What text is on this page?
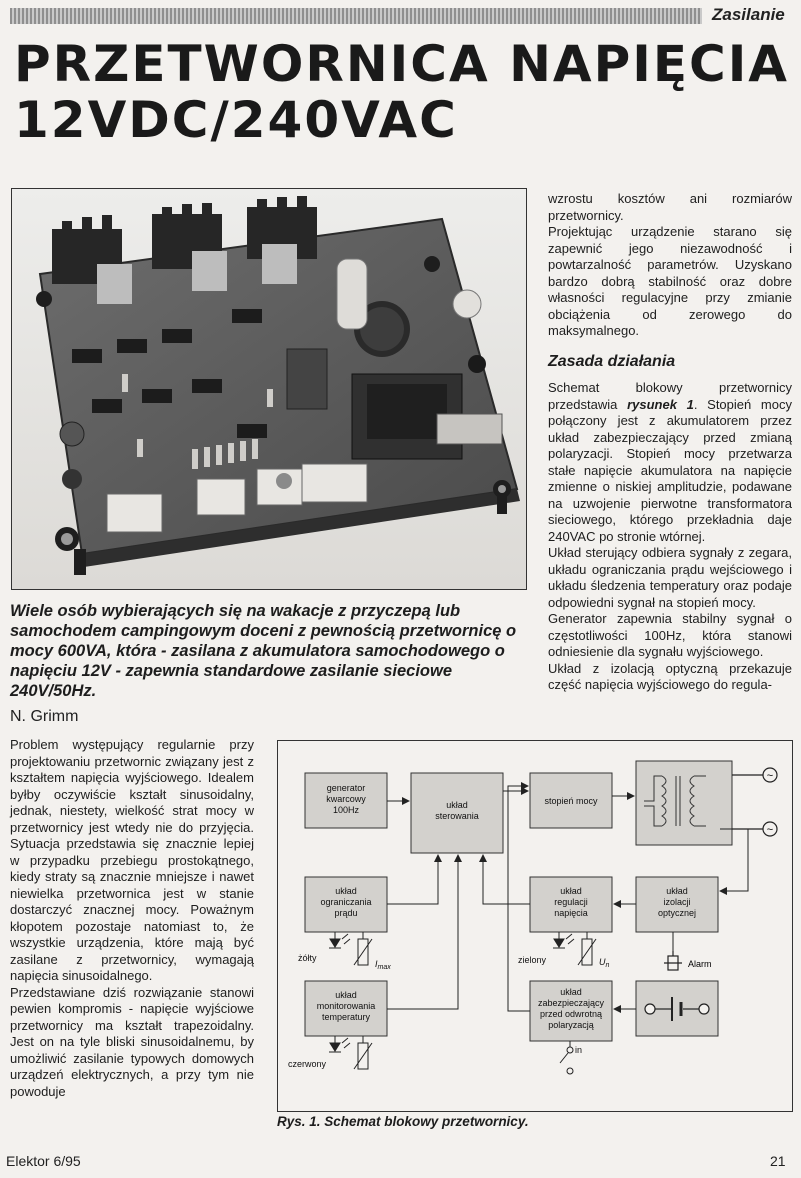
Zasilanie
PRZETWORNICA NAPIĘCIA
12VDC/240VAC
Wiele osób wybierających się na wakacje z przyczepą lub samochodem campingowym doceni z pewnością przetwornicę o mocy 600VA, która - zasilana z akumulatora samochodowego o napięciu 12V - zapewnia standardowe zasilanie sieciowe 240V/50Hz.
N. Grimm

Problem występujący regularnie przy projektowaniu przetwornic związany jest z kształtem napięcia wyjściowego. Idealem byłby oczywiście kształt sinusoidalny, jednak, niestety, wielkość strat mocy w przetwornicy jest wtedy nie do przyjęcia. Sytuacja przedstawia się znacznie lepiej w przypadku przebiegu prostokątnego, kiedy straty są znacznie mniejsze i nawet niewielka przetwornica jest w stanie dostarczyć znacznej mocy. Poważnym kłopotem pozostaje natomiast to, że wszystkie urządzenia, które mają być zasilane z przetwornicy, wymagają napięcia sinusoidalnego.

Przedstawiane dziś rozwiązanie stanowi pewien kompromis - napięcie wyjściowe przetwornicy ma kształt trapezoidalny. Jest on na tyle bliski sinusoidalnemu, by umożliwić zasilanie typowych domowych urządzeń elektrycznych, a przy tym nie powoduje

wzrostu kosztów ani rozmiarów przetwornicy.

Projektując urządzenie starano się zapewnić jego niezawodność i powtarzalność parametrów. Uzyskano bardzo dobrą stabilność oraz dobre własności regulacyjne przy zmianie obciążenia od zerowego do maksymalnego.

Zasada działania

Schemat blokowy przetwornicy przedstawia rysunek 1. Stopień mocy połączony jest z akumulatorem przez układ zabezpieczający przed zmianą polaryzacji. Stopień mocy przetwarza stałe napięcie akumulatora na napięcie zmienne o niskiej amplitudzie, podawane na uzwojenie pierwotne transformatora sieciowego, którego przekładnia daje 240VAC po stronie wtórnej.

Układ sterujący odbiera sygnały z zegara, układu ograniczania prądu wejściowego i układu śledzenia temperatury oraz podaje odpowiedni sygnał na stopień mocy.

Generator zapewnia stabilny sygnał o częstotliwości 100Hz, która stanowi odniesienie dla sygnału wyjściowego.

Układ z izolacją optyczną przekazuje część napięcia wyjściowego do regula-

~
~
generator
kwarcowy
100Hz	układ
sterowania
stopień mocy
układ
ograniczania
prądu
układ
regulacji
napięcia
układ
izolacji
optycznej
układ
monitorowania
temperatury
układ
zabezpieczający
przed odwrotną
polaryzacją
Alarm
żółty
$I_{max}$
czerwony
zielony	$U_n$
in
Rys. 1. Schemat blokowy przetwornicy.
Elektor 6/95	21
